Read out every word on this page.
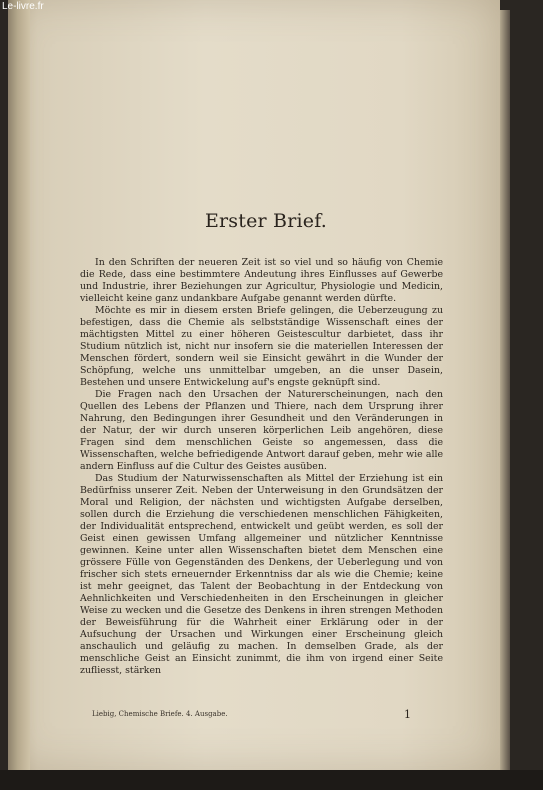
Le-livre.fr
Erster Brief.

In den Schriften der neueren Zeit ist so viel und so häufig von Chemie die Rede, dass eine bestimmtere Andeutung ihres Einflusses auf Gewerbe und Industrie, ihrer Beziehungen zur Agricultur, Physiologie und Medicin, vielleicht keine ganz undankbare Aufgabe genannt werden dürfte.

Möchte es mir in diesem ersten Briefe gelingen, die Ueberzeugung zu befestigen, dass die Chemie als selbstständige Wissenschaft eines der mächtigsten Mittel zu einer höheren Geistescultur darbietet, dass ihr Studium nützlich ist, nicht nur insofern sie die materiellen Interessen der Menschen fördert, sondern weil sie Einsicht gewährt in die Wunder der Schöpfung, welche uns unmittelbar umgeben, an die unser Dasein, Bestehen und unsere Entwickelung auf's engste geknüpft sind.

Die Fragen nach den Ursachen der Naturerscheinungen, nach den Quellen des Lebens der Pflanzen und Thiere, nach dem Ursprung ihrer Nahrung, den Bedingungen ihrer Gesundheit und den Veränderungen in der Natur, der wir durch unseren körperlichen Leib angehören, diese Fragen sind dem menschlichen Geiste so angemessen, dass die Wissenschaften, welche befriedigende Antwort darauf geben, mehr wie alle andern Einfluss auf die Cultur des Geistes ausüben.

Das Studium der Naturwissenschaften als Mittel der Erziehung ist ein Bedürfniss unserer Zeit. Neben der Unterweisung in den Grundsätzen der Moral und Religion, der nächsten und wichtigsten Aufgabe derselben, sollen durch die Erziehung die verschiedenen menschlichen Fähigkeiten, der Individualität entsprechend, entwickelt und geübt werden, es soll der Geist einen gewissen Umfang allgemeiner und nützlicher Kenntnisse gewinnen. Keine unter allen Wissenschaften bietet dem Menschen eine grössere Fülle von Gegenständen des Denkens, der Ueberlegung und von frischer sich stets erneuernder Erkenntniss dar als wie die Chemie; keine ist mehr geeignet, das Talent der Beobachtung in der Entdeckung von Aehnlichkeiten und Verschiedenheiten in den Erscheinungen in gleicher Weise zu wecken und die Gesetze des Denkens in ihren strengen Methoden der Beweisführung für die Wahrheit einer Erklärung oder in der Aufsuchung der Ursachen und Wirkungen einer Erscheinung gleich anschaulich und geläufig zu machen. In demselben Grade, als der menschliche Geist an Einsicht zunimmt, die ihm von irgend einer Seite zufliesst, stärken

Liebig, Chemische Briefe. 4. Ausgabe.	1
